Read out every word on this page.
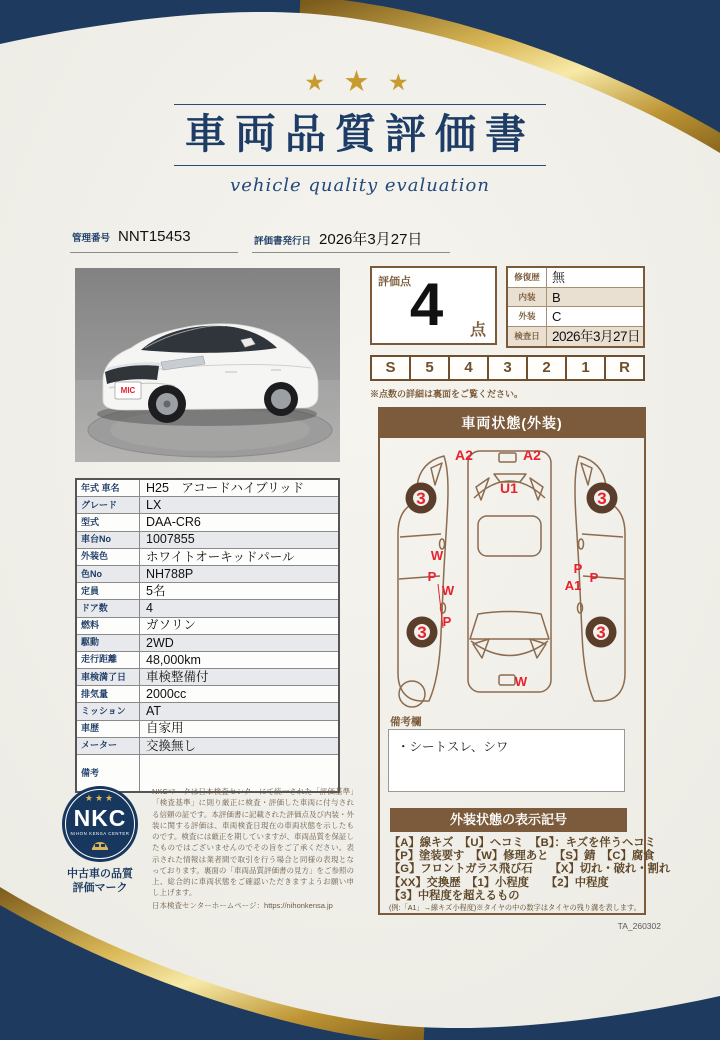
★ ★ ★
車両品質評価書
vehicle quality evaluation
管理番号 NNT15453	評価書発行日 2026年3月27日
MIC
評価点
4	点
修復歴	無
内装	B
外装	C
検査日	2026年3月27日
S	5	4	3	2	1	R
※点数の詳細は裏面をご覧ください。
年式 車名	H25　アコードハイブリッド
グレード	LX
型式	DAA-CR6
車台No	1007855
外装色	ホワイトオーキッドパール
色No	NH788P
定員	5名
ドア数	4
燃料	ガソリン
駆動	2WD
走行距離	48,000km
車検満了日	車検整備付
排気量	2000cc
ミッション	AT
車歴	自家用
メーター	交換無し
備考	
★★★
NKC
NIHON KENSA CENTER
中古車の品質
評価マーク
NKCマークは日本検査センターにて統一された「評価基準」「検査基準」に則り厳正に検査・評価した車両に付与される信頼の証です。本評価書に記載された評価点及び内装・外装に関する評価は、車両検査日現在の車両状態を示したものです。検査には厳正を期していますが、車両品質を保証したものではございませんのでその旨をご了承ください。表示された情報は業者間で取引を行う場合と同様の表現となっております。裏面の「車両品質評価書の見方」をご参照の上、総合的に車両状態をご確認いただきますようお願い申し上げます。
日本検査センターホームページ：https://nihonkensa.jp
車両状態(外装)
A2	A2
U1
3	3
3	3
W
P
W
P
P
P
A1
W
備考欄
・シートスレ、シワ
外装状態の表示記号
【A】線キズ　【U】ヘコミ　【B】：キズを伴うヘコミ
【P】塗装要す　【W】修理あと　【S】錆　【C】腐食
【G】フロントガラス飛び石　　【X】切れ・破れ・割れ
【XX】交換歴　【1】小程度　　【2】中程度
【3】中程度を超えるもの
(例:「A1」→線キズ小程度)※タイヤの中の数字はタイヤの残り溝を表します。
TA_260302
